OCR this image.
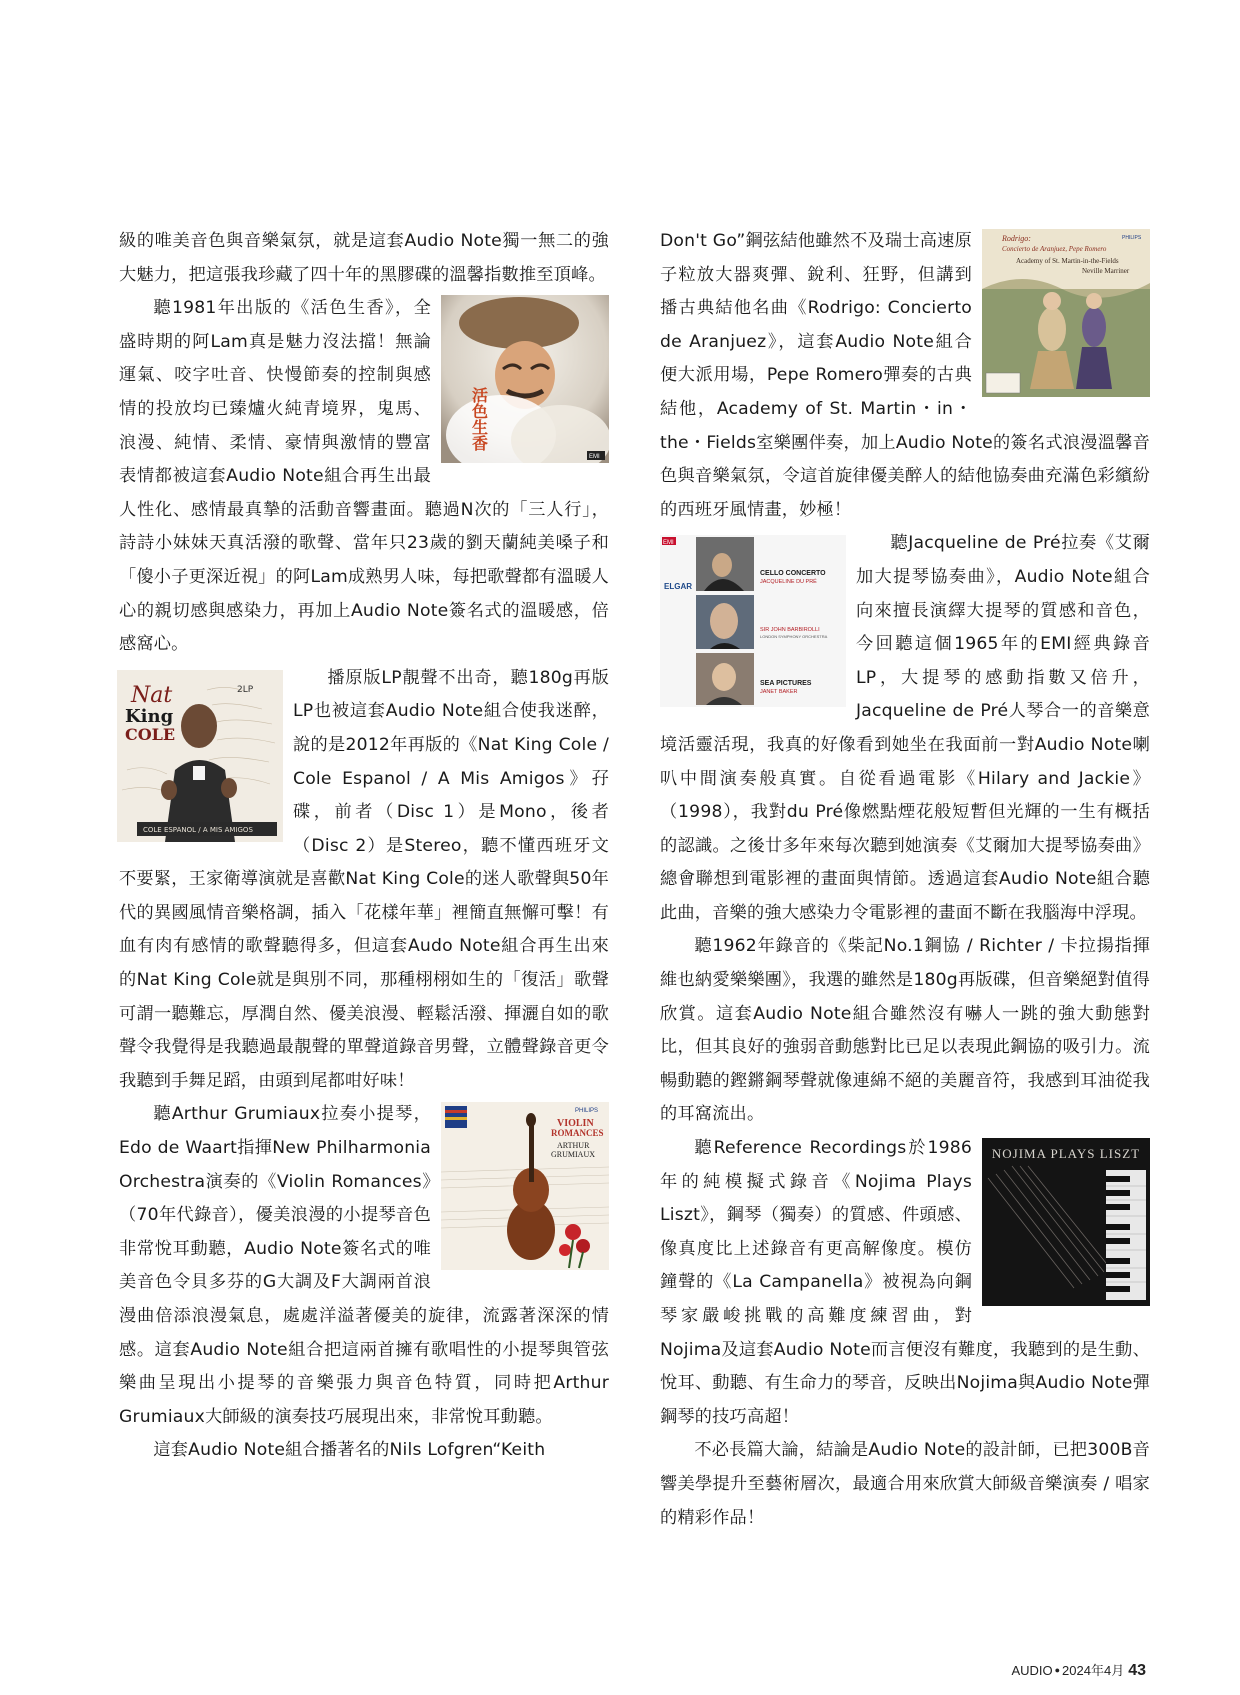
級的唯美音色與音樂氣氛，就是這套Audio Note獨一無二的強大魅力，把這張我珍藏了四十年的黑膠碟的溫馨指數推至頂峰。

活色生香
EMI

聽1981年出版的《活色生香》，全盛時期的阿Lam真是魅力沒法擋！無論運氣、咬字吐音、快慢節奏的控制與感情的投放均已臻爐火純青境界，鬼馬、浪漫、純情、柔情、豪情與激情的豐富表情都被這套Audio Note組合再生出最人性化、感情最真摯的活動音響畫面。聽過N次的「三人行」，詩詩小妹妹天真活潑的歌聲、當年只23歲的劉天蘭純美嗓子和「傻小子更深近視」的阿Lam成熟男人味，每把歌聲都有溫暖人心的親切感與感染力，再加上Audio Note簽名式的溫暖感，倍感窩心。

Nat
King
COLE
2LP
COLE ESPANOL / A MIS AMIGOS

播原版LP靚聲不出奇，聽180g再版LP也被這套Audio Note組合使我迷醉，說的是2012年再版的《Nat King Cole / Cole Espanol / A Mis Amigos》孖碟，前者（Disc 1）是Mono，後者（Disc 2）是Stereo，聽不懂西班牙文不要緊，王家衛導演就是喜歡Nat King Cole的迷人歌聲與50年代的異國風情音樂格調，插入「花樣年華」裡簡直無懈可擊！有血有肉有感情的歌聲聽得多，但這套Audo Note組合再生出來的Nat King Cole就是與別不同，那種栩栩如生的「復活」歌聲可謂一聽難忘，厚潤自然、優美浪漫、輕鬆活潑、揮灑自如的歌聲令我覺得是我聽過最靚聲的單聲道錄音男聲，立體聲錄音更令我聽到手舞足蹈，由頭到尾都咁好味！

PHILIPS
VIOLIN
ROMANCES
ARTHUR
GRUMIAUX

聽Arthur Grumiaux拉奏小提琴，Edo de Waart指揮New Philharmonia Orchestra演奏的《Violin Romances》（70年代錄音），優美浪漫的小提琴音色非常悅耳動聽，Audio Note簽名式的唯美音色令貝多芬的G大調及F大調兩首浪漫曲倍添浪漫氣息，處處洋溢著優美的旋律，流露著深深的情感。這套Audio Note組合把這兩首擁有歌唱性的小提琴與管弦樂曲呈現出小提琴的音樂張力與音色特質，同時把Arthur Grumiaux大師級的演奏技巧展現出來，非常悅耳動聽。

這套Audio Note組合播著名的Nils Lofgren“Keith

Rodrigo:
Concierto de Aranjuez, Pepe Romero
Academy of St. Martin-in-the-Fields
Neville Marriner
PHILIPS

Don't Go”鋼弦結他雖然不及瑞士高速原子粒放大器爽彈、銳利、狂野，但講到播古典結他名曲《Rodrigo: Concierto de Aranjuez》，這套Audio Note組合便大派用場，Pepe Romero彈奏的古典結他，Academy of St. Martin・in・the・Fields室樂團伴奏，加上Audio Note的簽名式浪漫溫馨音色與音樂氣氛，令這首旋律優美醉人的結他協奏曲充滿色彩繽紛的西班牙風情畫，妙極！

EMI
ELGAR
CELLO CONCERTO
JACQUELINE DU PRÉ
SIR JOHN BARBIROLLI
LONDON SYMPHONY ORCHESTRA
SEA PICTURES
JANET BAKER

聽Jacqueline de Pré拉奏《艾爾加大提琴協奏曲》，Audio Note組合向來擅長演繹大提琴的質感和音色，今回聽這個1965年的EMI經典錄音LP，大提琴的感動指數又倍升，Jacqueline de Pré人琴合一的音樂意境活靈活現，我真的好像看到她坐在我面前一對Audio Note喇叭中間演奏般真實。自從看過電影《Hilary and Jackie》（1998），我對du Pré像燃點煙花般短暫但光輝的一生有概括的認識。之後廿多年來每次聽到她演奏《艾爾加大提琴協奏曲》總會聯想到電影裡的畫面與情節。透過這套Audio Note組合聽此曲，音樂的強大感染力令電影裡的畫面不斷在我腦海中浮現。

聽1962年錄音的《柴記No.1鋼協 / Richter / 卡拉揚指揮維也納愛樂樂團》，我選的雖然是180g再版碟，但音樂絕對值得欣賞。這套Audio Note組合雖然沒有嚇人一跳的強大動態對比，但其良好的強弱音動態對比已足以表現此鋼協的吸引力。流暢動聽的鏗鏘鋼琴聲就像連綿不絕的美麗音符，我感到耳油從我的耳窩流出。

NOJIMA PLAYS LISZT

聽Reference Recordings於1986年的純模擬式錄音《Nojima Plays Liszt》，鋼琴（獨奏）的質感、件頭感、像真度比上述錄音有更高解像度。模仿鐘聲的《La Campanella》被視為向鋼琴家嚴峻挑戰的高難度練習曲，對Nojima及這套Audio Note而言便沒有難度，我聽到的是生動、悅耳、動聽、有生命力的琴音，反映出Nojima與Audio Note彈鋼琴的技巧高超！

不必長篇大論，結論是Audio Note的設計師，已把300B音響美學提升至藝術層次，最適合用來欣賞大師級音樂演奏 / 唱家的精彩作品！

AUDIO ● 2024年4月 43
